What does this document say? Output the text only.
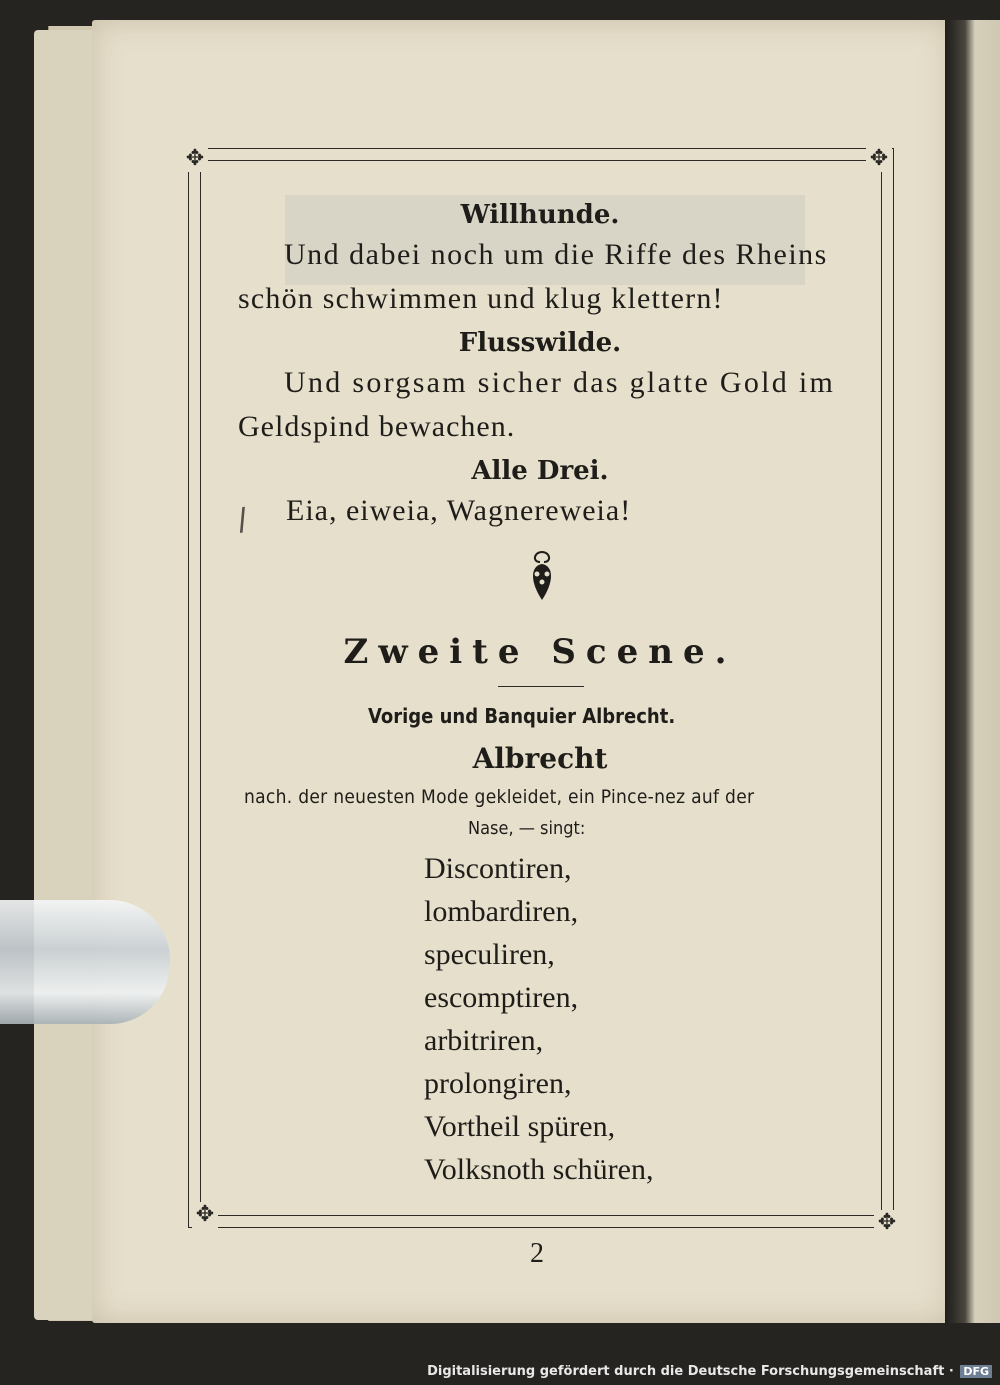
✥	✥
✥	✥
Willhunde.
Und dabei noch um die Riffe des Rheins
schön schwimmen und klug klettern!
Flusswilde.
Und sorgsam sicher das glatte Gold im
Geldspind bewachen.
Alle Drei.
Eia, eiweia, Wagnereweia!
/
Zweite Scene.
Vorige und Banquier Albrecht.
Albrecht
nach. der neuesten Mode gekleidet, ein Pince-nez auf der
Nase, — singt:
Discontiren,
lombardiren,
speculiren,
escomptiren,
arbitriren,
prolongiren,
Vortheil spüren,
Volksnoth schüren,
2
Digitalisierung gefördert durch die Deutsche Forschungsgemeinschaft · DFG
